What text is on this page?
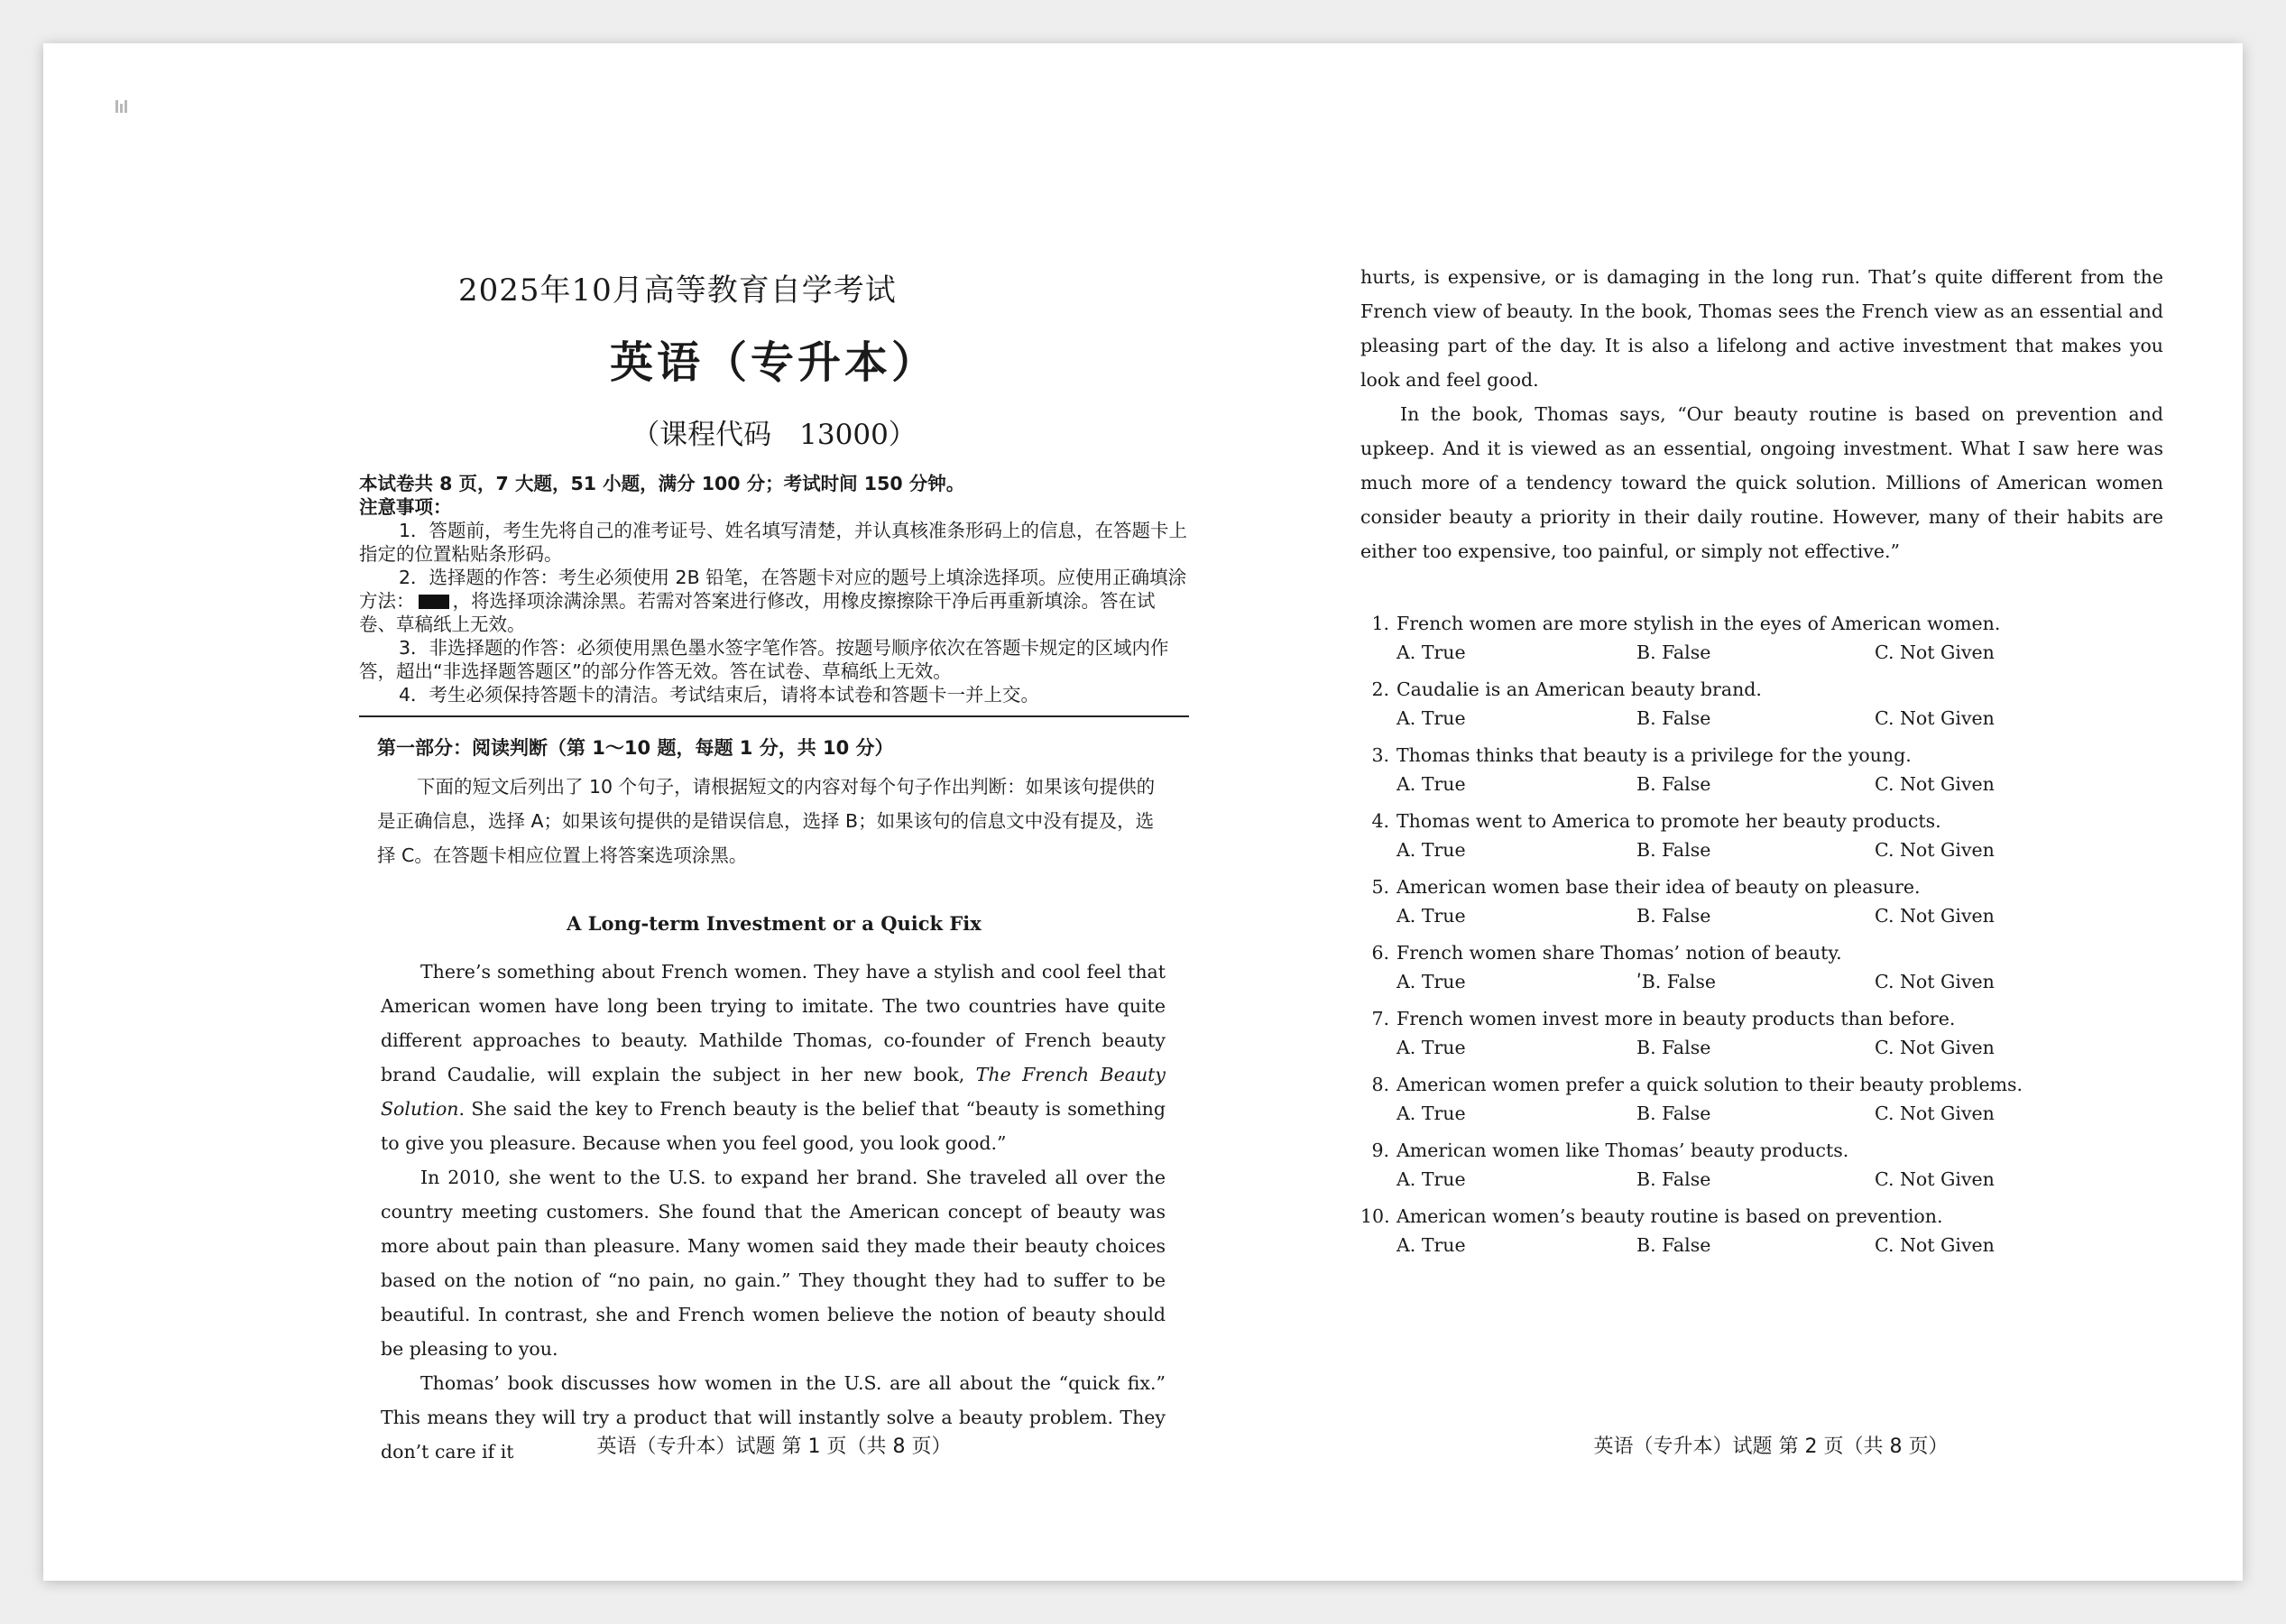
2025年10月高等教育自学考试
英语（专升本）
（课程代码　13000）
本试卷共 8 页，7 大题，51 小题，满分 100 分；考试时间 150 分钟。
注意事项：
1．答题前，考生先将自己的准考证号、姓名填写清楚，并认真核准条形码上的信息，在答题卡上指定的位置粘贴条形码。
2．选择题的作答：考生必须使用 2B 铅笔，在答题卡对应的题号上填涂选择项。应使用正确填涂方法： ，将选择项涂满涂黑。若需对答案进行修改，用橡皮擦擦除干净后再重新填涂。答在试卷、草稿纸上无效。
3．非选择题的作答：必须使用黑色墨水签字笔作答。按题号顺序依次在答题卡规定的区域内作答，超出“非选择题答题区”的部分作答无效。答在试卷、草稿纸上无效。
4．考生必须保持答题卡的清洁。考试结束后，请将本试卷和答题卡一并上交。
第一部分：阅读判断（第 1～10 题，每题 1 分，共 10 分）
下面的短文后列出了 10 个句子，请根据短文的内容对每个句子作出判断：如果该句提供的是正确信息，选择 A；如果该句提供的是错误信息，选择 B；如果该句的信息文中没有提及，选择 C。在答题卡相应位置上将答案选项涂黑。
A Long-term Investment or a Quick Fix

There’s something about French women. They have a stylish and cool feel that American women have long been trying to imitate. The two countries have quite different approaches to beauty. Mathilde Thomas, co-founder of French beauty brand Caudalie, will explain the subject in her new book, The French Beauty Solution. She said the key to French beauty is the belief that “beauty is something to give you pleasure. Because when you feel good, you look good.”

In 2010, she went to the U.S. to expand her brand. She traveled all over the country meeting customers. She found that the American concept of beauty was more about pain than pleasure. Many women said they made their beauty choices based on the notion of “no pain, no gain.” They thought they had to suffer to be beautiful. In contrast, she and French women believe the notion of beauty should be pleasing to you.

Thomas’ book discusses how women in the U.S. are all about the “quick fix.” This means they will try a product that will instantly solve a beauty problem. They don’t care if it	英语（专升本）试题 第 1 页（共 8 页）

hurts, is expensive, or is damaging in the long run. That’s quite different from the French view of beauty. In the book, Thomas sees the French view as an essential and pleasing part of the day. It is also a lifelong and active investment that makes you look and feel good.

In the book, Thomas says, “Our beauty routine is based on prevention and upkeep. And it is viewed as an essential, ongoing investment. What I saw here was much more of a tendency toward the quick solution. Millions of American women consider beauty a priority in their daily routine. However, many of their habits are either too expensive, too painful, or simply not effective.”

1. French women are more stylish in the eyes of American women.
A. True	B. False	C. Not Given
2. Caudalie is an American beauty brand.
A. True	B. False	C. Not Given
3. Thomas thinks that beauty is a privilege for the young.
A. True	B. False	C. Not Given
4. Thomas went to America to promote her beauty products.
A. True	B. False	C. Not Given
5. American women base their idea of beauty on pleasure.
A. True	B. False	C. Not Given
6. French women share Thomas’ notion of beauty.
A. True	ʹB. False	C. Not Given
7. French women invest more in beauty products than before.
A. True	B. False	C. Not Given
8. American women prefer a quick solution to their beauty problems.
A. True	B. False	C. Not Given
9. American women like Thomas’ beauty products.
A. True	B. False	C. Not Given
10. American women’s beauty routine is based on prevention.
A. True	B. False	C. Not Given
英语（专升本）试题 第 2 页（共 8 页）
